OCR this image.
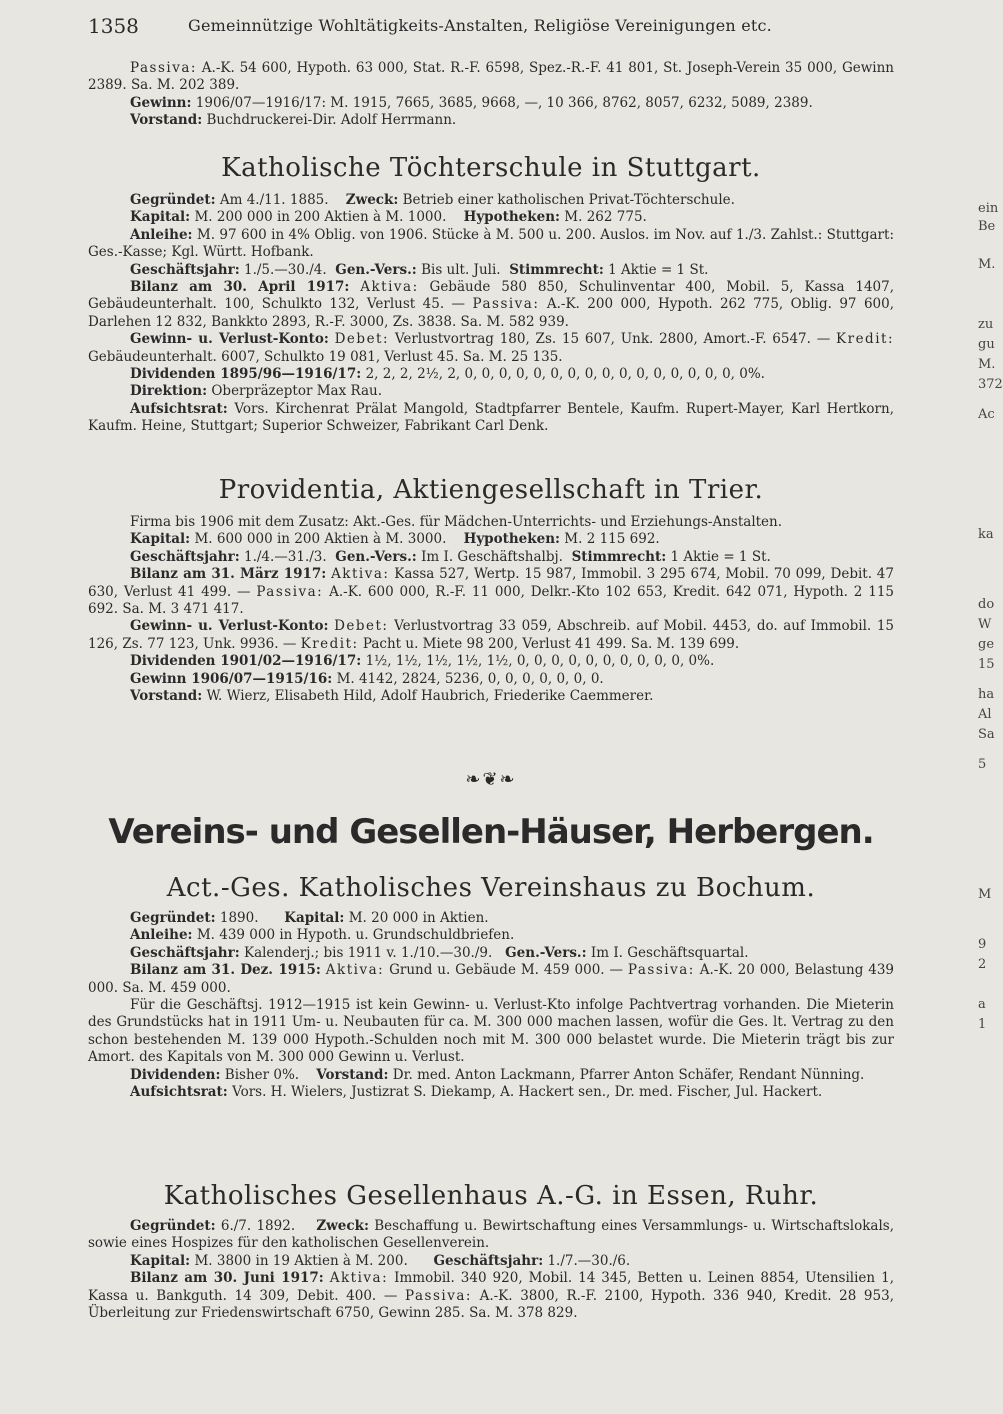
1358	Gemeinnützige Wohltätigkeits-Anstalten, Religiöse Vereinigungen etc.

Passiva: A.-K. 54 600, Hypoth. 63 000, Stat. R.-F. 6598, Spez.-R.-F. 41 801, St. Joseph-Verein 35 000, Gewinn 2389. Sa. M. 202 389.

Gewinn: 1906/07—1916/17: M. 1915, 7665, 3685, 9668, —, 10 366, 8762, 8057, 6232, 5089, 2389.

Vorstand: Buchdruckerei-Dir. Adolf Herrmann.

Katholische Töchterschule in Stuttgart.

Gegründet: Am 4./11. 1885. Zweck: Betrieb einer katholischen Privat-Töchterschule.

Kapital: M. 200 000 in 200 Aktien à M. 1000. Hypotheken: M. 262 775.

Anleihe: M. 97 600 in 4% Oblig. von 1906. Stücke à M. 500 u. 200. Auslos. im Nov. auf 1./3. Zahlst.: Stuttgart: Ges.-Kasse; Kgl. Württ. Hofbank.

Geschäftsjahr: 1./5.—30./4. Gen.-Vers.: Bis ult. Juli. Stimmrecht: 1 Aktie = 1 St.

Bilanz am 30. April 1917: Aktiva: Gebäude 580 850, Schulinventar 400, Mobil. 5, Kassa 1407, Gebäudeunterhalt. 100, Schulkto 132, Verlust 45. — Passiva: A.-K. 200 000, Hypoth. 262 775, Oblig. 97 600, Darlehen 12 832, Bankkto 2893, R.-F. 3000, Zs. 3838. Sa. M. 582 939.

Gewinn- u. Verlust-Konto: Debet: Verlustvortrag 180, Zs. 15 607, Unk. 2800, Amort.-F. 6547. — Kredit: Gebäudeunterhalt. 6007, Schulkto 19 081, Verlust 45. Sa. M. 25 135.

Dividenden 1895/96—1916/17: 2, 2, 2, 2½, 2, 0, 0, 0, 0, 0, 0, 0, 0, 0, 0, 0, 0, 0, 0, 0, 0, 0%.

Direktion: Oberpräzeptor Max Rau.

Aufsichtsrat: Vors. Kirchenrat Prälat Mangold, Stadtpfarrer Bentele, Kaufm. Rupert-Mayer, Karl Hertkorn, Kaufm. Heine, Stuttgart; Superior Schweizer, Fabrikant Carl Denk.

Providentia, Aktiengesellschaft in Trier.

Firma bis 1906 mit dem Zusatz: Akt.-Ges. für Mädchen-Unterrichts- und Erziehungs-Anstalten.

Kapital: M. 600 000 in 200 Aktien à M. 3000. Hypotheken: M. 2 115 692.

Geschäftsjahr: 1./4.—31./3. Gen.-Vers.: Im I. Geschäftshalbj. Stimmrecht: 1 Aktie = 1 St.

Bilanz am 31. März 1917: Aktiva: Kassa 527, Wertp. 15 987, Immobil. 3 295 674, Mobil. 70 099, Debit. 47 630, Verlust 41 499. — Passiva: A.-K. 600 000, R.-F. 11 000, Delkr.-Kto 102 653, Kredit. 642 071, Hypoth. 2 115 692. Sa. M. 3 471 417.

Gewinn- u. Verlust-Konto: Debet: Verlustvortrag 33 059, Abschreib. auf Mobil. 4453, do. auf Immobil. 15 126, Zs. 77 123, Unk. 9936. — Kredit: Pacht u. Miete 98 200, Verlust 41 499. Sa. M. 139 699.

Dividenden 1901/02—1916/17: 1½, 1½, 1½, 1½, 1½, 0, 0, 0, 0, 0, 0, 0, 0, 0, 0, 0%.

Gewinn 1906/07—1915/16: M. 4142, 2824, 5236, 0, 0, 0, 0, 0, 0, 0.

Vorstand: W. Wierz, Elisabeth Hild, Adolf Haubrich, Friederike Caemmerer.

❧❦❧

Vereins- und Gesellen-Häuser, Herbergen.

Act.-Ges. Katholisches Vereinshaus zu Bochum.

Gegründet: 1890. Kapital: M. 20 000 in Aktien.

Anleihe: M. 439 000 in Hypoth. u. Grundschuldbriefen.

Geschäftsjahr: Kalenderj.; bis 1911 v. 1./10.—30./9. Gen.-Vers.: Im I. Geschäftsquartal.

Bilanz am 31. Dez. 1915: Aktiva: Grund u. Gebäude M. 459 000. — Passiva: A.-K. 20 000, Belastung 439 000. Sa. M. 459 000.

Für die Geschäftsj. 1912—1915 ist kein Gewinn- u. Verlust-Kto infolge Pachtvertrag vorhanden. Die Mieterin des Grundstücks hat in 1911 Um- u. Neubauten für ca. M. 300 000 machen lassen, wofür die Ges. lt. Vertrag zu den schon bestehenden M. 139 000 Hypoth.-Schulden noch mit M. 300 000 belastet wurde. Die Mieterin trägt bis zur Amort. des Kapitals von M. 300 000 Gewinn u. Verlust.

Dividenden: Bisher 0%. Vorstand: Dr. med. Anton Lackmann, Pfarrer Anton Schäfer, Rendant Nünning.

Aufsichtsrat: Vors. H. Wielers, Justizrat S. Diekamp, A. Hackert sen., Dr. med. Fischer, Jul. Hackert.

Katholisches Gesellenhaus A.-G. in Essen, Ruhr.

Gegründet: 6./7. 1892. Zweck: Beschaffung u. Bewirtschaftung eines Versammlungs- u. Wirtschaftslokals, sowie eines Hospizes für den katholischen Gesellenverein.

Kapital: M. 3800 in 19 Aktien à M. 200. Geschäftsjahr: 1./7.—30./6.

Bilanz am 30. Juni 1917: Aktiva: Immobil. 340 920, Mobil. 14 345, Betten u. Leinen 8854, Utensilien 1, Kassa u. Bankguth. 14 309, Debit. 400. — Passiva: A.-K. 3800, R.-F. 2100, Hypoth. 336 940, Kredit. 28 953, Überleitung zur Friedenswirtschaft 6750, Gewinn 285. Sa. M. 378 829.

ein
Be
M.
zu
gu
M.
372
Ac
ka
do
W
ge
15
ha
Al
Sa
5
M
9
2
a
1
